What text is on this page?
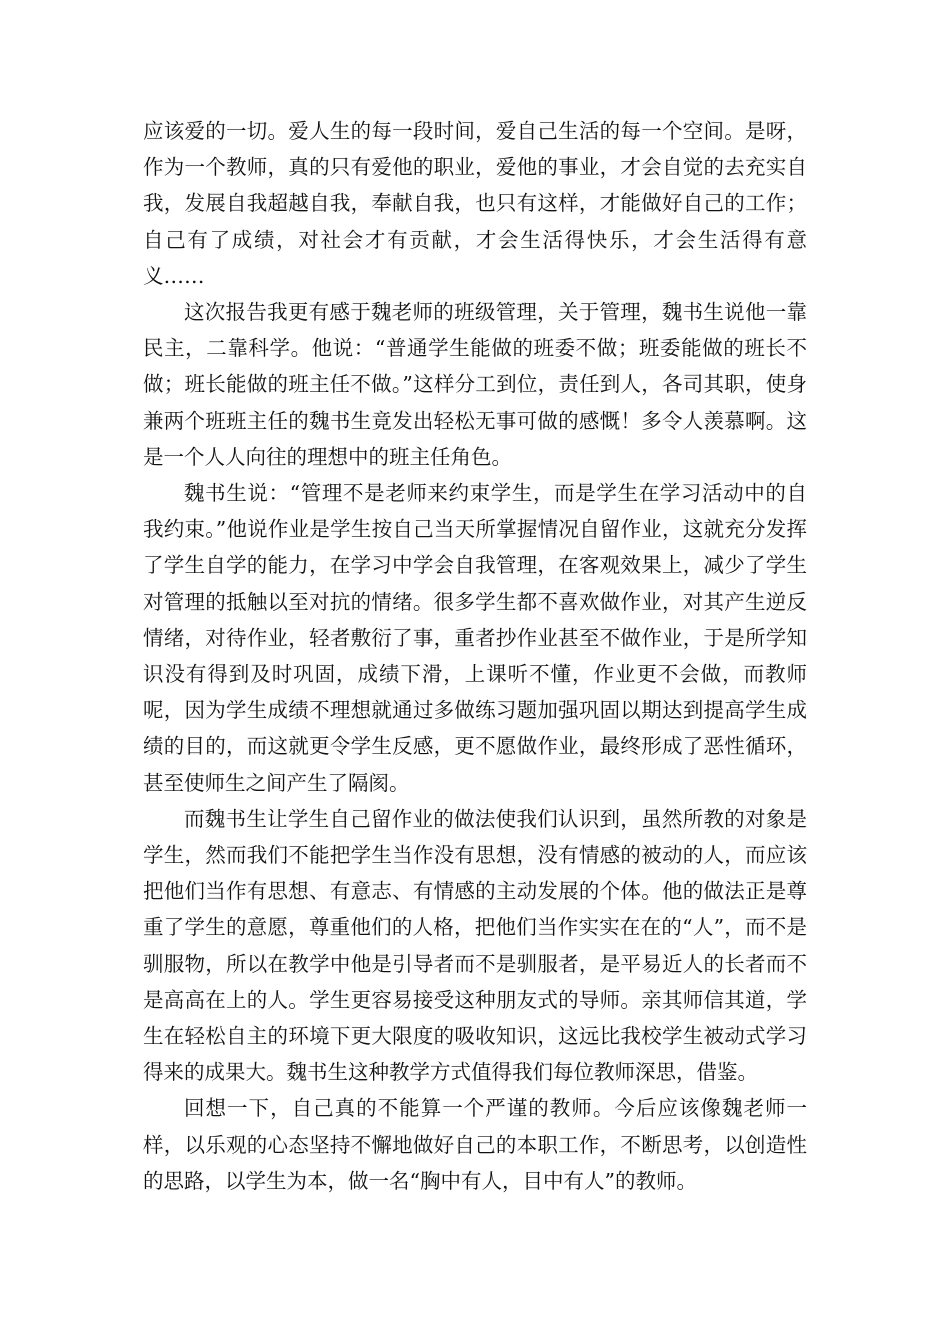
应该爱的一切。爱人生的每一段时间，爱自己生活的每一个空间。是呀，作为一个教师，真的只有爱他的职业，爱他的事业，才会自觉的去充实自我，发展自我超越自我，奉献自我，也只有这样，才能做好自己的工作；自己有了成绩，对社会才有贡献，才会生活得快乐，才会生活得有意义……

这次报告我更有感于魏老师的班级管理，关于管理，魏书生说他一靠民主，二靠科学。他说：“普通学生能做的班委不做；班委能做的班长不做；班长能做的班主任不做。”这样分工到位，责任到人，各司其职，使身兼两个班班主任的魏书生竟发出轻松无事可做的感慨！多令人羡慕啊。这是一个人人向往的理想中的班主任角色。

魏书生说：“管理不是老师来约束学生，而是学生在学习活动中的自我约束。”他说作业是学生按自己当天所掌握情况自留作业，这就充分发挥了学生自学的能力，在学习中学会自我管理，在客观效果上，减少了学生对管理的抵触以至对抗的情绪。很多学生都不喜欢做作业，对其产生逆反情绪，对待作业，轻者敷衍了事，重者抄作业甚至不做作业，于是所学知识没有得到及时巩固，成绩下滑，上课听不懂，作业更不会做，而教师呢，因为学生成绩不理想就通过多做练习题加强巩固以期达到提高学生成绩的目的，而这就更令学生反感，更不愿做作业，最终形成了恶性循环，甚至使师生之间产生了隔阂。

而魏书生让学生自己留作业的做法使我们认识到，虽然所教的对象是学生，然而我们不能把学生当作没有思想，没有情感的被动的人，而应该把他们当作有思想、有意志、有情感的主动发展的个体。他的做法正是尊重了学生的意愿，尊重他们的人格，把他们当作实实在在的“人”，而不是驯服物，所以在教学中他是引导者而不是驯服者，是平易近人的长者而不是高高在上的人。学生更容易接受这种朋友式的导师。亲其师信其道，学生在轻松自主的环境下更大限度的吸收知识，这远比我校学生被动式学习得来的成果大。魏书生这种教学方式值得我们每位教师深思，借鉴。

回想一下，自己真的不能算一个严谨的教师。今后应该像魏老师一样，以乐观的心态坚持不懈地做好自己的本职工作，不断思考，以创造性的思路，以学生为本，做一名“胸中有人，目中有人”的教师。
